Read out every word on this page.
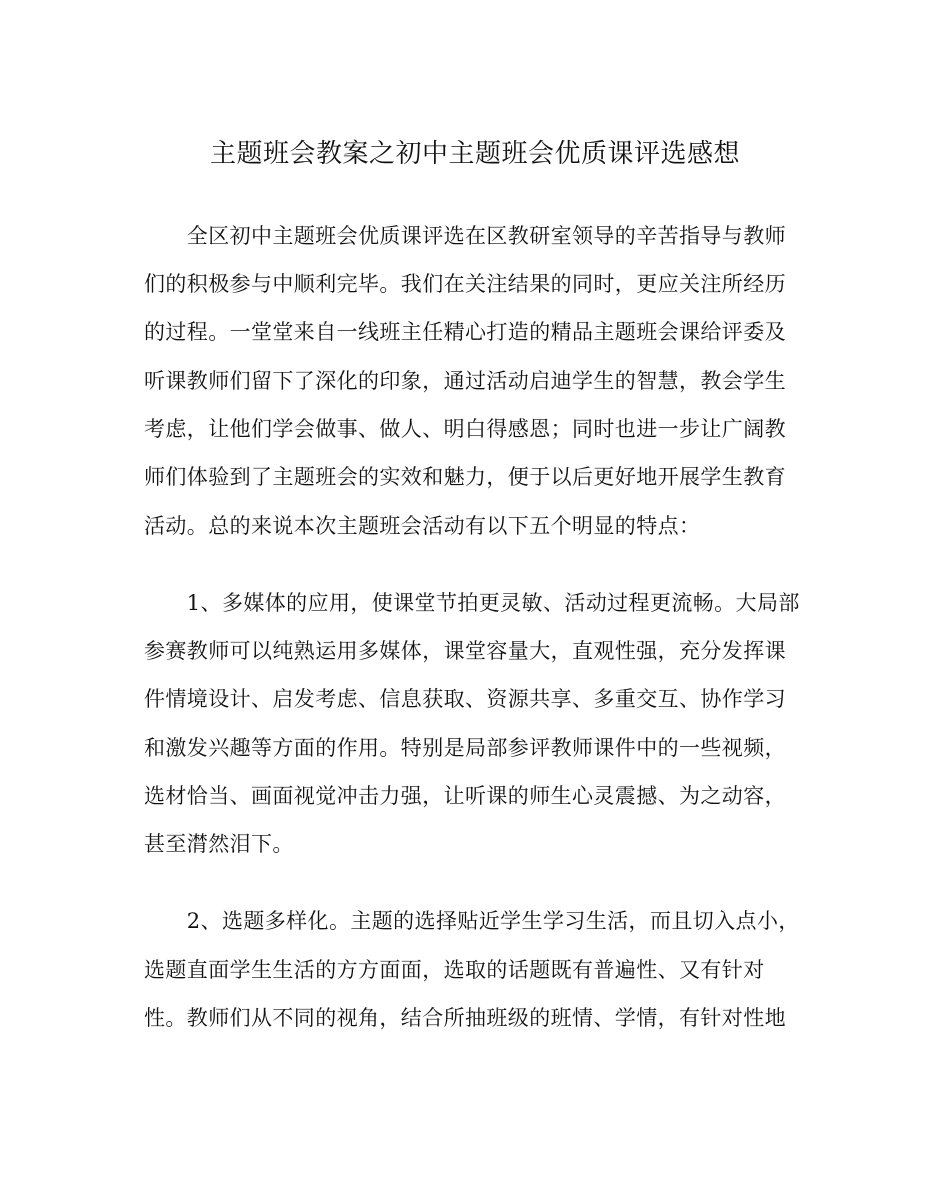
主题班会教案之初中主题班会优质课评选感想
　　全区初中主题班会优质课评选在区教研室领导的辛苦指导与教师
们的积极参与中顺利完毕。我们在关注结果的同时，更应关注所经历
的过程。一堂堂来自一线班主任精心打造的精品主题班会课给评委及
听课教师们留下了深化的印象，通过活动启迪学生的智慧，教会学生
考虑，让他们学会做事、做人、明白得感恩；同时也进一步让广阔教
师们体验到了主题班会的实效和魅力，便于以后更好地开展学生教育
活动。总的来说本次主题班会活动有以下五个明显的特点：
　　1、多媒体的应用，使课堂节拍更灵敏、活动过程更流畅。大局部
参赛教师可以纯熟运用多媒体，课堂容量大，直观性强，充分发挥课
件情境设计、启发考虑、信息获取、资源共享、多重交互、协作学习
和激发兴趣等方面的作用。特别是局部参评教师课件中的一些视频，
选材恰当、画面视觉冲击力强，让听课的师生心灵震撼、为之动容，
甚至潸然泪下。
　　2、选题多样化。主题的选择贴近学生学习生活，而且切入点小，
选题直面学生生活的方方面面，选取的话题既有普遍性、又有针对
性。教师们从不同的视角，结合所抽班级的班情、学情，有针对性地
